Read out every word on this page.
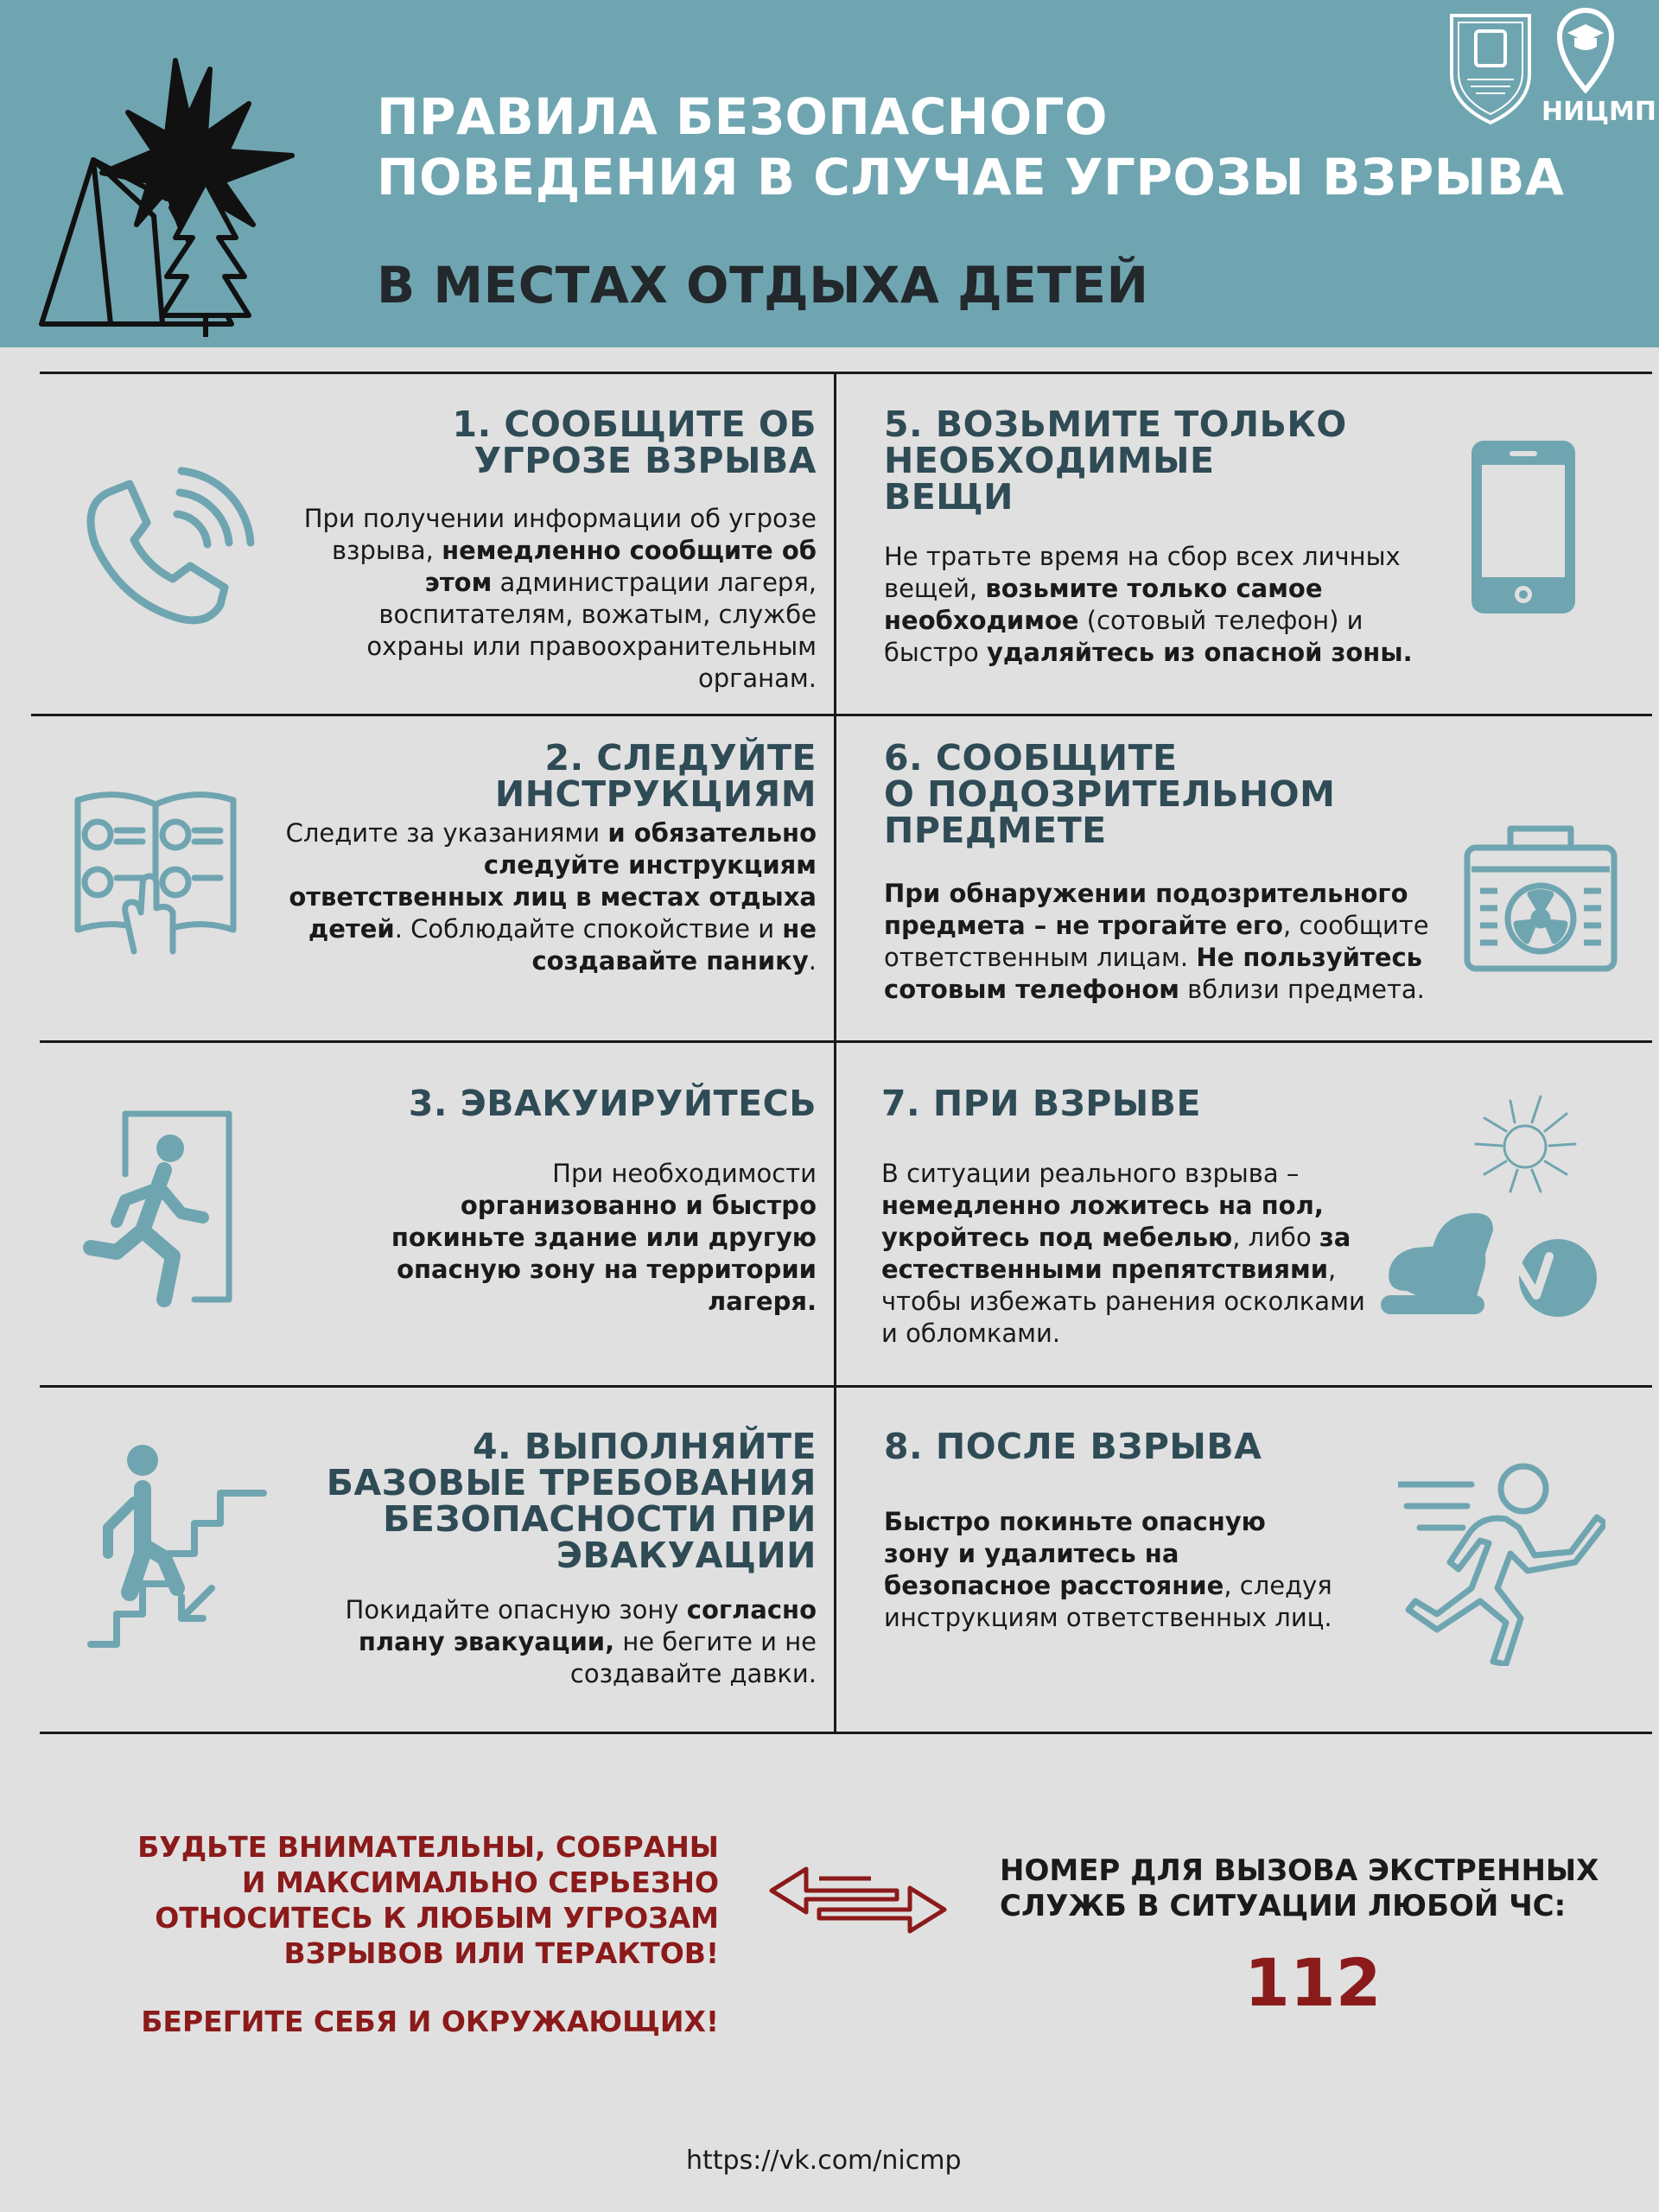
ПРАВИЛА БЕЗОПАСНОГО
ПОВЕДЕНИЯ В СЛУЧАЕ УГРОЗЫ ВЗРЫВА
В МЕСТАХ ОТДЫХА ДЕТЕЙ
НИЦМП
1. СООБЩИТЕ ОБ
УГРОЗЕ ВЗРЫВА
При получении информации об угрозе взрыва, немедленно сообщите об этом администрации лагеря, воспитателям, вожатым, службе охраны или правоохранительным органам.
2. СЛЕДУЙТЕ
ИНСТРУКЦИЯМ
Следите за указаниями и обязательно следуйте инструкциям ответственных лиц в местах отдыха детей. Соблюдайте спокойствие и не создавайте панику.
3. ЭВАКУИРУЙТЕСЬ
При необходимости организованно и быстро покиньте здание или другую опасную зону на территории лагеря.
4. ВЫПОЛНЯЙТЕ
БАЗОВЫЕ ТРЕБОВАНИЯ
БЕЗОПАСНОСТИ ПРИ
ЭВАКУАЦИИ
Покидайте опасную зону согласно плану эвакуации, не бегите и не создавайте давки.
5. ВОЗЬМИТЕ ТОЛЬКО
НЕОБХОДИМЫЕ
ВЕЩИ
Не тратьте время на сбор всех личных вещей, возьмите только самое необходимое (сотовый телефон) и быстро удаляйтесь из опасной зоны.
6. СООБЩИТЕ
О ПОДОЗРИТЕЛЬНОМ
ПРЕДМЕТЕ
При обнаружении подозрительного предмета – не трогайте его, сообщите ответственным лицам. Не пользуйтесь сотовым телефоном вблизи предмета.
7. ПРИ ВЗРЫВЕ
В ситуации реального взрыва – немедленно ложитесь на пол, укройтесь под мебелью, либо за естественными препятствиями, чтобы избежать ранения осколками и обломками.
8. ПОСЛЕ ВЗРЫВА
Быстро покиньте опасную зону и удалитесь на безопасное расстояние, следуя инструкциям ответственных лиц.
БУДЬТЕ ВНИМАТЕЛЬНЫ, СОБРАНЫ
И МАКСИМАЛЬНО СЕРЬЕЗНО
ОТНОСИТЕСЬ К ЛЮБЫМ УГРОЗАМ
ВЗРЫВОВ ИЛИ ТЕРАКТОВ!
БЕРЕГИТЕ СЕБЯ И ОКРУЖАЮЩИХ!
НОМЕР ДЛЯ ВЫЗОВА ЭКСТРЕННЫХ
СЛУЖБ В СИТУАЦИИ ЛЮБОЙ ЧС:
112
https://vk.com/nicmp
